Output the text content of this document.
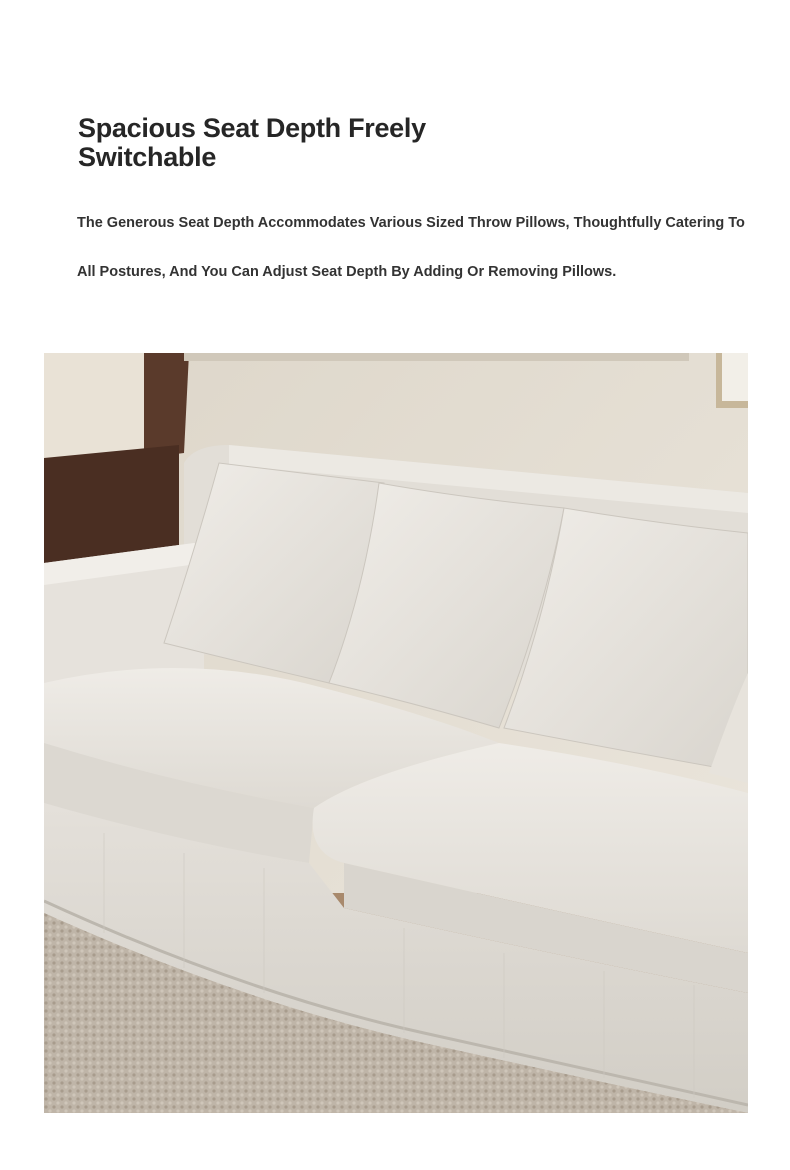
Spacious Seat Depth Freely Switchable

The Generous Seat Depth Accommodates Various Sized Throw Pillows, Thoughtfully Catering To All Postures, And You Can Adjust Seat Depth By Adding Or Removing Pillows.
